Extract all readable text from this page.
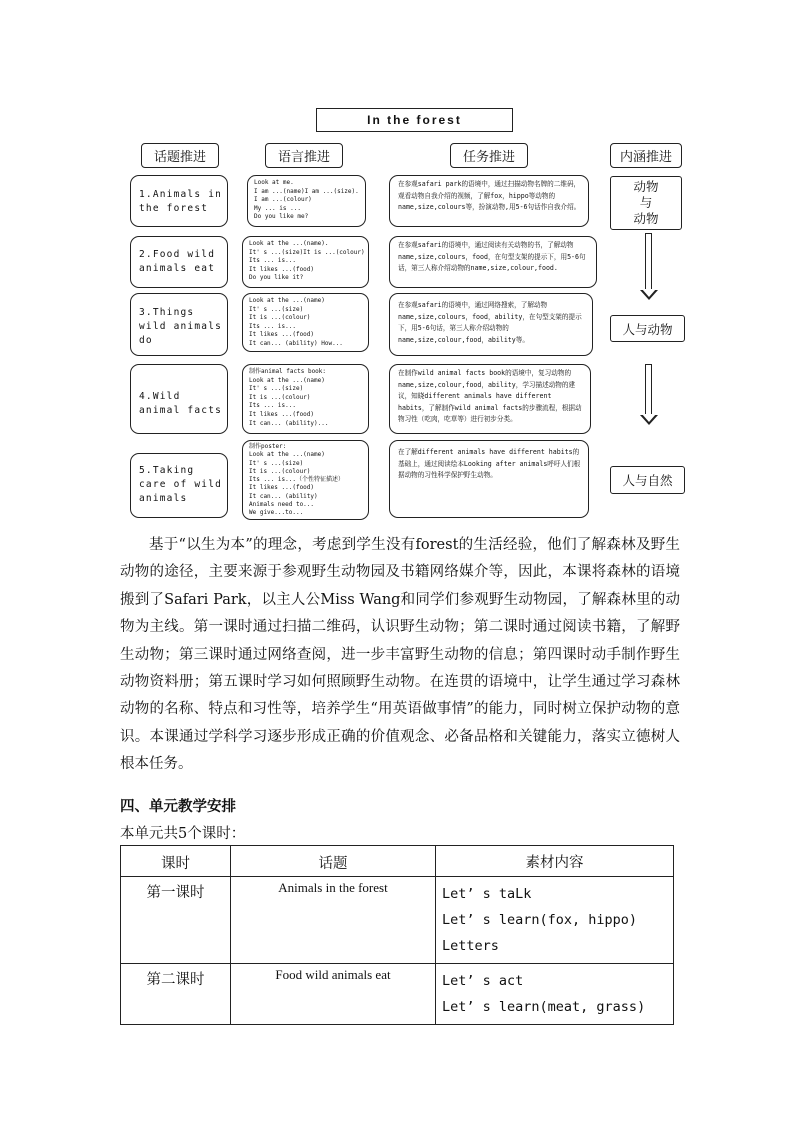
In the forest
话题推进	语言推进	任务推进	内涵推进
1.Animals in
the forest
Look at me.
I am ...(name)I am ...(size).
I am ...(colour)
My ... is ...
Do you like me?
在参观safari park的语境中，通过扫描动物名牌的二维码，观看动物自我介绍的视频，了解fox，hippo等动物的name,size,colours等，扮演动物,用5-6句话作自我介绍。
2.Food wild
animals eat
Look at the ...(name).
It' s ...(size)It is ...(colour)
Its ... is...
It likes ...(food)
Do you like it?
在参观safari的语境中，通过阅读有关动物的书，了解动物name,size,colours，food，在句型支架的提示下，用5-6句话，第三人称介绍动物的name,size,colour,food.
3.Things
wild animals
do
Look at the ...(name)
It' s ...(size)
It is ...(colour)
Its ... is...
It likes ...(food)
It can... (ability) How...
在参观safari的语境中，通过网络搜索，了解动物name,size,colours，food，ability，在句型支架的提示下，用5-6句话，第三人称介绍动物的name,size,colour,food，ability等。
4.Wild
animal facts
制作animal facts book:
Look at the ...(name)
It' s ...(size)
It is ...(colour)
Its ... is...
It likes ...(food)
It can... (ability)...
在制作wild animal facts book的语境中，复习动物的name,size,colour,food，ability，学习描述动物的建议，知晓different animals have different habits，了解制作wild animal facts的步骤流程，根据动物习性（吃肉，吃草等）进行初步分类。
5.Taking
care of wild
animals
制作poster:
Look at the ...(name)
It' s ...(size)
It is ...(colour)
Its ... is...（个性特征描述）
It likes ...(food)
It can... (ability)
Animals need to...
We give...to...
在了解different animals have different habits的基础上，通过阅读绘本Looking after animals呼吁人们根据动物的习性科学保护野生动物。
动物
与
动物
人与动物
人与自然

基于“以生为本”的理念，考虑到学生没有forest的生活经验，他们了解森林及野生动物的途径，主要来源于参观野生动物园及书籍网络媒介等，因此，本课将森林的语境搬到了Safari Park，以主人公Miss Wang和同学们参观野生动物园，了解森林里的动物为主线。第一课时通过扫描二维码，认识野生动物；第二课时通过阅读书籍，了解野生动物；第三课时通过网络查阅，进一步丰富野生动物的信息；第四课时动手制作野生动物资料册；第五课时学习如何照顾野生动物。在连贯的语境中，让学生通过学习森林动物的名称、特点和习性等，培养学生“用英语做事情”的能力，同时树立保护动物的意识。本课通过学科学习逐步形成正确的价值观念、必备品格和关键能力，落实立德树人根本任务。

四、单元教学安排
本单元共5个课时：
课时	话题	素材内容
第一课时	Animals in the forest	Let’ s taLk
Let’ s learn(fox, hippo)
Letters

第二课时	Food wild animals eat	Let’ s act
Let’ s learn(meat, grass)
